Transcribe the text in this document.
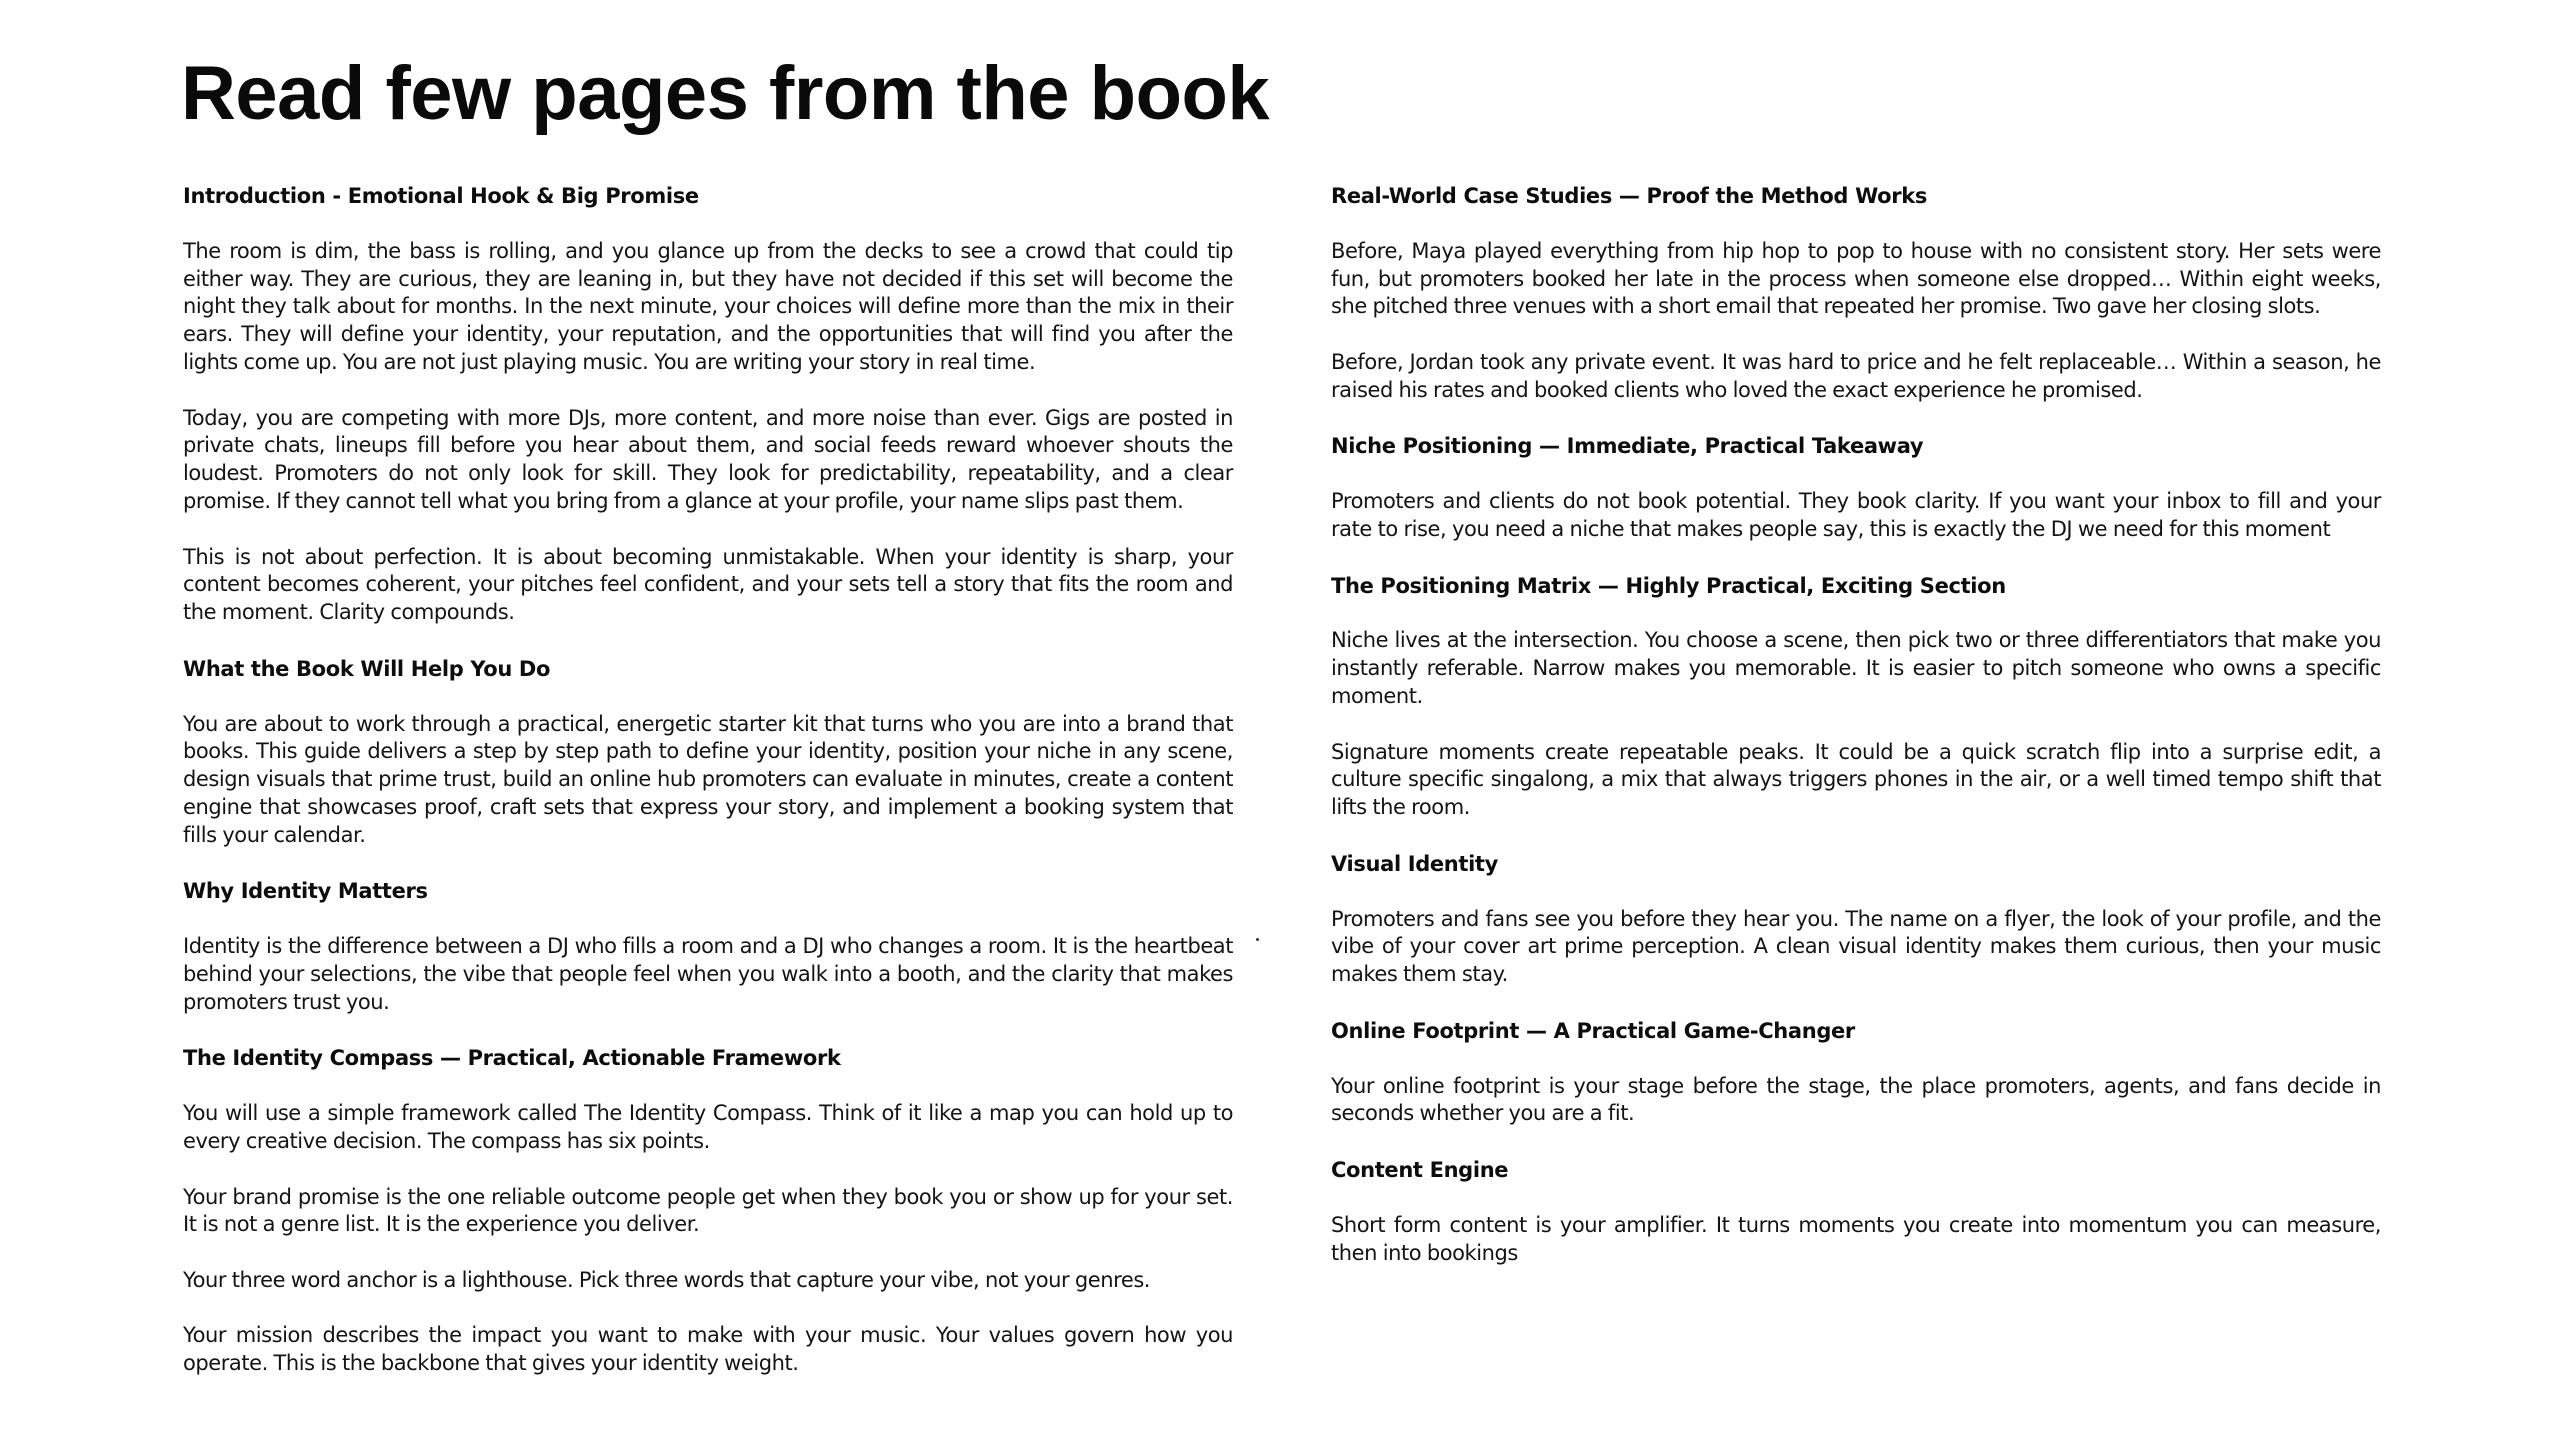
Read few pages from the book

Introduction - Emotional Hook & Big Promise

The room is dim, the bass is rolling, and you glance up from the decks to see a crowd that could tip either way. They are curious, they are leaning in, but they have not decided if this set will become the night they talk about for months. In the next minute, your choices will define more than the mix in their ears. They will define your identity, your reputation, and the opportunities that will find you after the lights come up. You are not just playing music. You are writing your story in real time.

Today, you are competing with more DJs, more content, and more noise than ever. Gigs are posted in private chats, lineups fill before you hear about them, and social feeds reward whoever shouts the loudest. Promoters do not only look for skill. They look for predictability, repeatability, and a clear promise. If they cannot tell what you bring from a glance at your profile, your name slips past them.

This is not about perfection. It is about becoming unmistakable. When your identity is sharp, your content becomes coherent, your pitches feel confident, and your sets tell a story that fits the room and the moment. Clarity compounds.

What the Book Will Help You Do

You are about to work through a practical, energetic starter kit that turns who you are into a brand that books. This guide delivers a step by step path to define your identity, position your niche in any scene, design visuals that prime trust, build an online hub promoters can evaluate in minutes, create a content engine that showcases proof, craft sets that express your story, and implement a booking system that fills your calendar.

Why Identity Matters

Identity is the difference between a DJ who fills a room and a DJ who changes a room. It is the heartbeat behind your selections, the vibe that people feel when you walk into a booth, and the clarity that makes promoters trust you.

The Identity Compass — Practical, Actionable Framework

You will use a simple framework called The Identity Compass. Think of it like a map you can hold up to every creative decision. The compass has six points.

Your brand promise is the one reliable outcome people get when they book you or show up for your set. It is not a genre list. It is the experience you deliver.

Your three word anchor is a lighthouse. Pick three words that capture your vibe, not your genres.

Your mission describes the impact you want to make with your music. Your values govern how you operate. This is the backbone that gives your identity weight.

Real-World Case Studies — Proof the Method Works

Before, Maya played everything from hip hop to pop to house with no consistent story. Her sets were fun, but promoters booked her late in the process when someone else dropped… Within eight weeks, she pitched three venues with a short email that repeated her promise. Two gave her closing slots.

Before, Jordan took any private event. It was hard to price and he felt replaceable… Within a season, he raised his rates and booked clients who loved the exact experience he promised.

Niche Positioning — Immediate, Practical Takeaway

Promoters and clients do not book potential. They book clarity. If you want your inbox to fill and your rate to rise, you need a niche that makes people say, this is exactly the DJ we need for this moment

The Positioning Matrix — Highly Practical, Exciting Section

Niche lives at the intersection. You choose a scene, then pick two or three differentiators that make you instantly referable. Narrow makes you memorable. It is easier to pitch someone who owns a specific moment.

Signature moments create repeatable peaks. It could be a quick scratch flip into a surprise edit, a culture specific singalong, a mix that always triggers phones in the air, or a well timed tempo shift that lifts the room.

Visual Identity

Promoters and fans see you before they hear you. The name on a flyer, the look of your profile, and the vibe of your cover art prime perception. A clean visual identity makes them curious, then your music makes them stay.

Online Footprint — A Practical Game-Changer

Your online footprint is your stage before the stage, the place promoters, agents, and fans decide in seconds whether you are a fit.

Content Engine

Short form content is your amplifier. It turns moments you create into momentum you can measure, then into bookings
